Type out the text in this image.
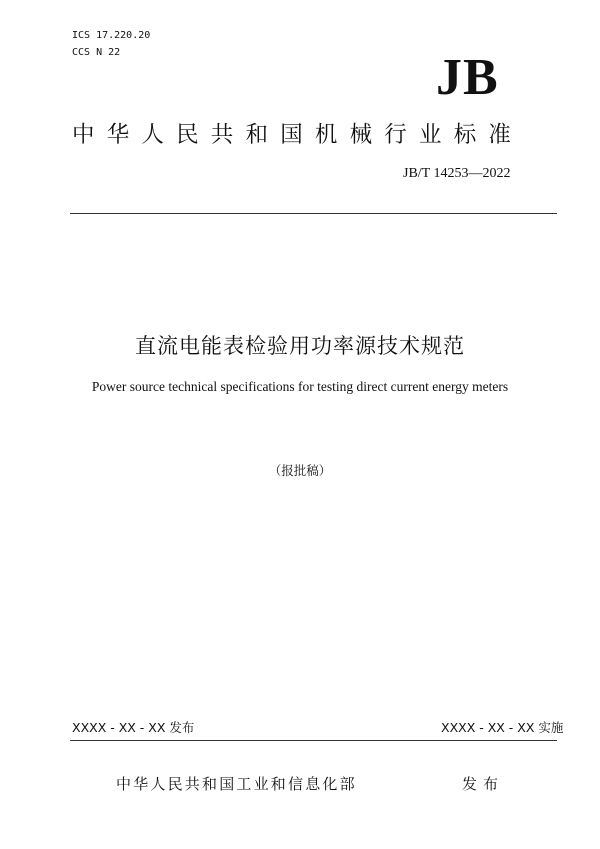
ICS 17.220.20
CCS N 22	JB
中华人民共和国机械行业标准
JB/T 14253—2022
直流电能表检验用功率源技术规范
Power source technical specifications for testing direct current energy meters
（报批稿）
XXXX - XX - XX 发布	XXXX - XX - XX 实施
中华人民共和国工业和信息化部	发布
